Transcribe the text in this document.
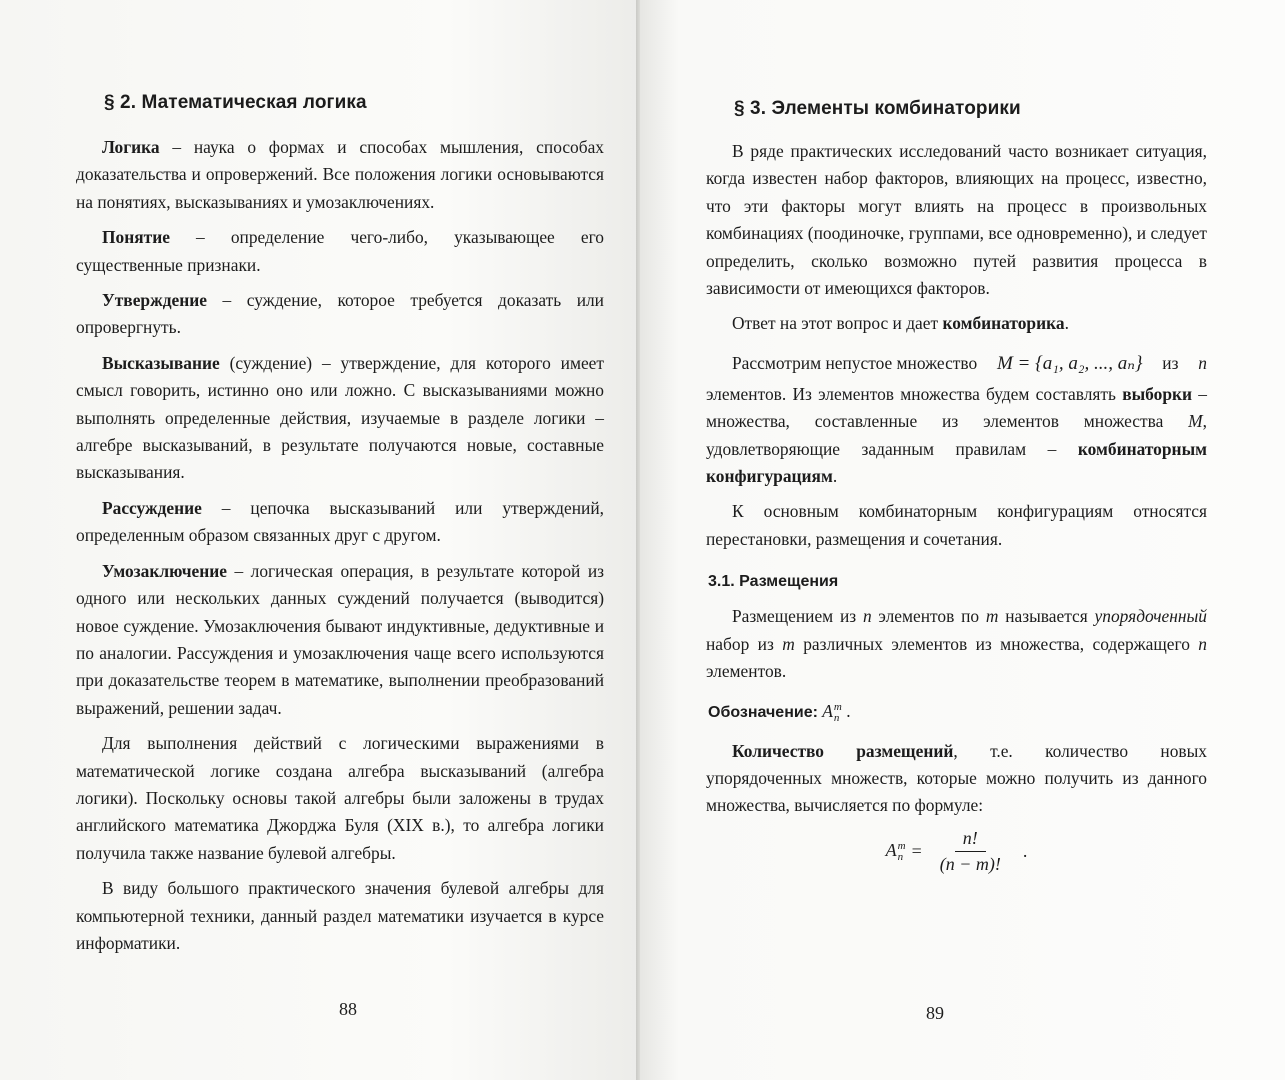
§ 2. Математическая логика

Логика – наука о формах и способах мышления, способах доказательства и опровержений. Все положения логики основываются на понятиях, высказываниях и умозаключениях.

Понятие – определение чего-либо, указывающее его существенные признаки.

Утверждение – суждение, которое требуется доказать или опровергнуть.

Высказывание (суждение) – утверждение, для которого имеет смысл говорить, истинно оно или ложно. С высказываниями можно выполнять определенные действия, изучаемые в разделе логики – алгебре высказываний, в результате получаются новые, составные высказывания.

Рассуждение – цепочка высказываний или утверждений, определенным образом связанных друг с другом.

Умозаключение – логическая операция, в результате которой из одного или нескольких данных суждений получается (выводится) новое суждение. Умозаключения бывают индуктивные, дедуктивные и по аналогии. Рассуждения и умозаключения чаще всего используются при доказательстве теорем в математике, выполнении преобразований выражений, решении задач.

Для выполнения действий с логическими выражениями в математической логике создана алгебра высказываний (алгебра логики). Поскольку основы такой алгебры были заложены в трудах английского математика Джорджа Буля (XIX в.), то алгебра логики получила также название булевой алгебры.

В виду большого практического значения булевой алгебры для компьютерной техники, данный раздел математики изучается в курсе информатики.

88
§ 3. Элементы комбинаторики

В ряде практических исследований часто возникает ситуация, когда известен набор факторов, влияющих на процесс, известно, что эти факторы могут влиять на процесс в произвольных комбинациях (поодиночке, группами, все одновременно), и следует определить, сколько возможно путей развития процесса в зависимости от имеющихся факторов.

Ответ на этот вопрос и дает комбинаторика.

Рассмотрим непустое множество M = {a₁, a₂, ..., aₙ} из n

элементов. Из элементов множества будем составлять выборки – множества, составленные из элементов множества M, удовлетворяющие заданным правилам – комбинаторным конфигурациям.

К основным комбинаторным конфигурациям относятся перестановки, размещения и сочетания.

3.1. Размещения

Размещением из n элементов по m называется упорядоченный набор из m различных элементов из множества, содержащего n элементов.

Обозначение: A m
n .

Количество размещений, т.е. количество новых упорядоченных множеств, которые можно получить из данного множества, вычисляется по формуле:

A m
$n = \frac{n!}{(n - m)!}$ .
89
